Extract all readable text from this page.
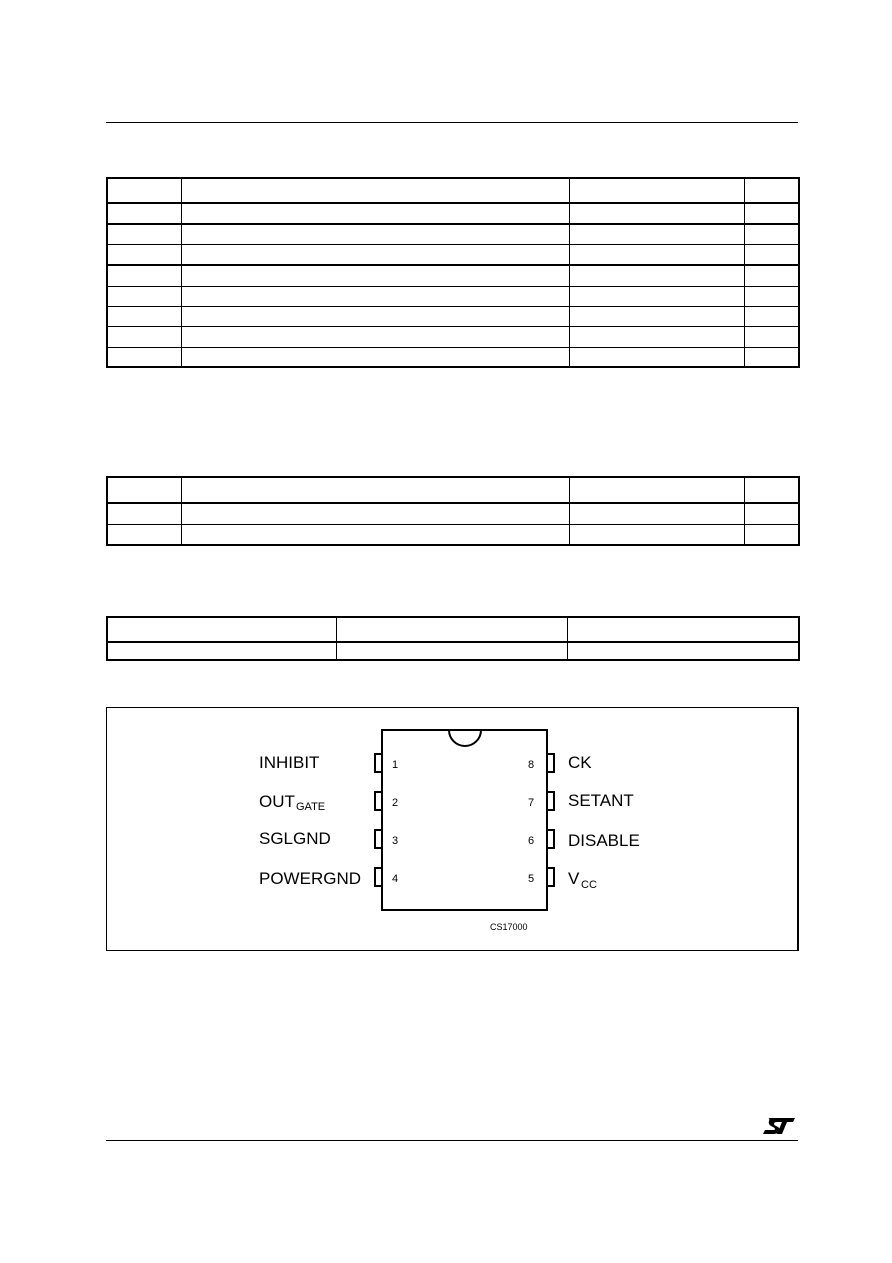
1
INHIBIT
2
OUT GATE
3
SGLGND
4
POWERGND
8 CK
7 SETANT
6 DISABLE
5 V CC
CS17000
